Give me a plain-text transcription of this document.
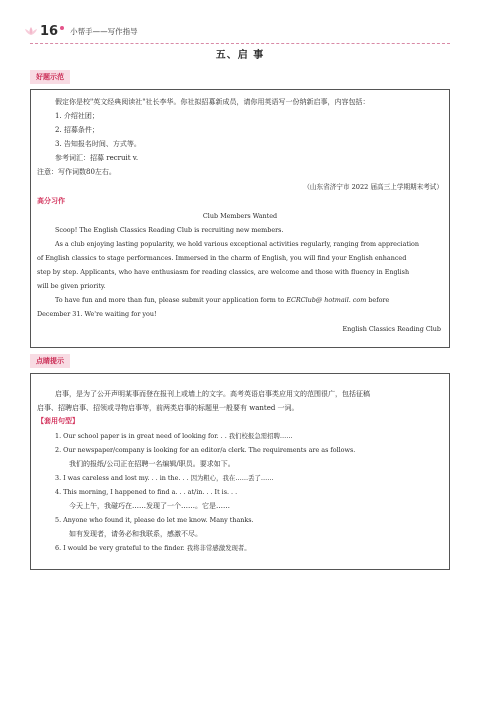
16 小帮手——写作指导
五、启 事
好题示范
假定你是校"英文经典阅读社"社长李华。你社拟招募新成员，请你用英语写一份纳新启事，内容包括：
1. 介绍社团；
2. 招募条件；
3. 告知报名时间、方式等。
参考词汇：招募 recruit v.
注意：写作词数80左右。
（山东省济宁市 2022 届高三上学期期末考试）
高分习作
Club Members Wanted
Scoop! The English Classics Reading Club is recruiting new members.
As a club enjoying lasting popularity, we hold various exceptional activities regularly, ranging from appreciation
of English classics to stage performances. Immersed in the charm of English, you will find your English enhanced
step by step. Applicants, who have enthusiasm for reading classics, are welcome and those with fluency in English
will be given priority.
To have fun and more than fun, please submit your application form to ECRClub@ hotmail. com before
December 31. We're waiting for you!
English Classics Reading Club
点睛提示
启事，是为了公开声明某事而登在报刊上或墙上的文字。高考英语启事类应用文的范围很广，包括征稿
启事、招聘启事、招领或寻物启事等，前两类启事的标题里一般要有 wanted 一词。
【套用句型】
1. Our school paper is in great need of looking for. . . 我们校报急需招聘……
2. Our newspaper/company is looking for an editor/a clerk. The requirements are as follows.
我们的报纸/公司正在招聘一名编辑/职员。要求如下。
3. I was careless and lost my. . . in the. . . 因为粗心，我在……丢了……
4. This morning, I happened to find a. . . at/in. . . It is. . .
今天上午，我碰巧在……发现了一个……。它是……
5. Anyone who found it, please do let me know. Many thanks.
如有发现者，请务必和我联系，感激不尽。
6. I would be very grateful to the finder. 我将非常感激发现者。
